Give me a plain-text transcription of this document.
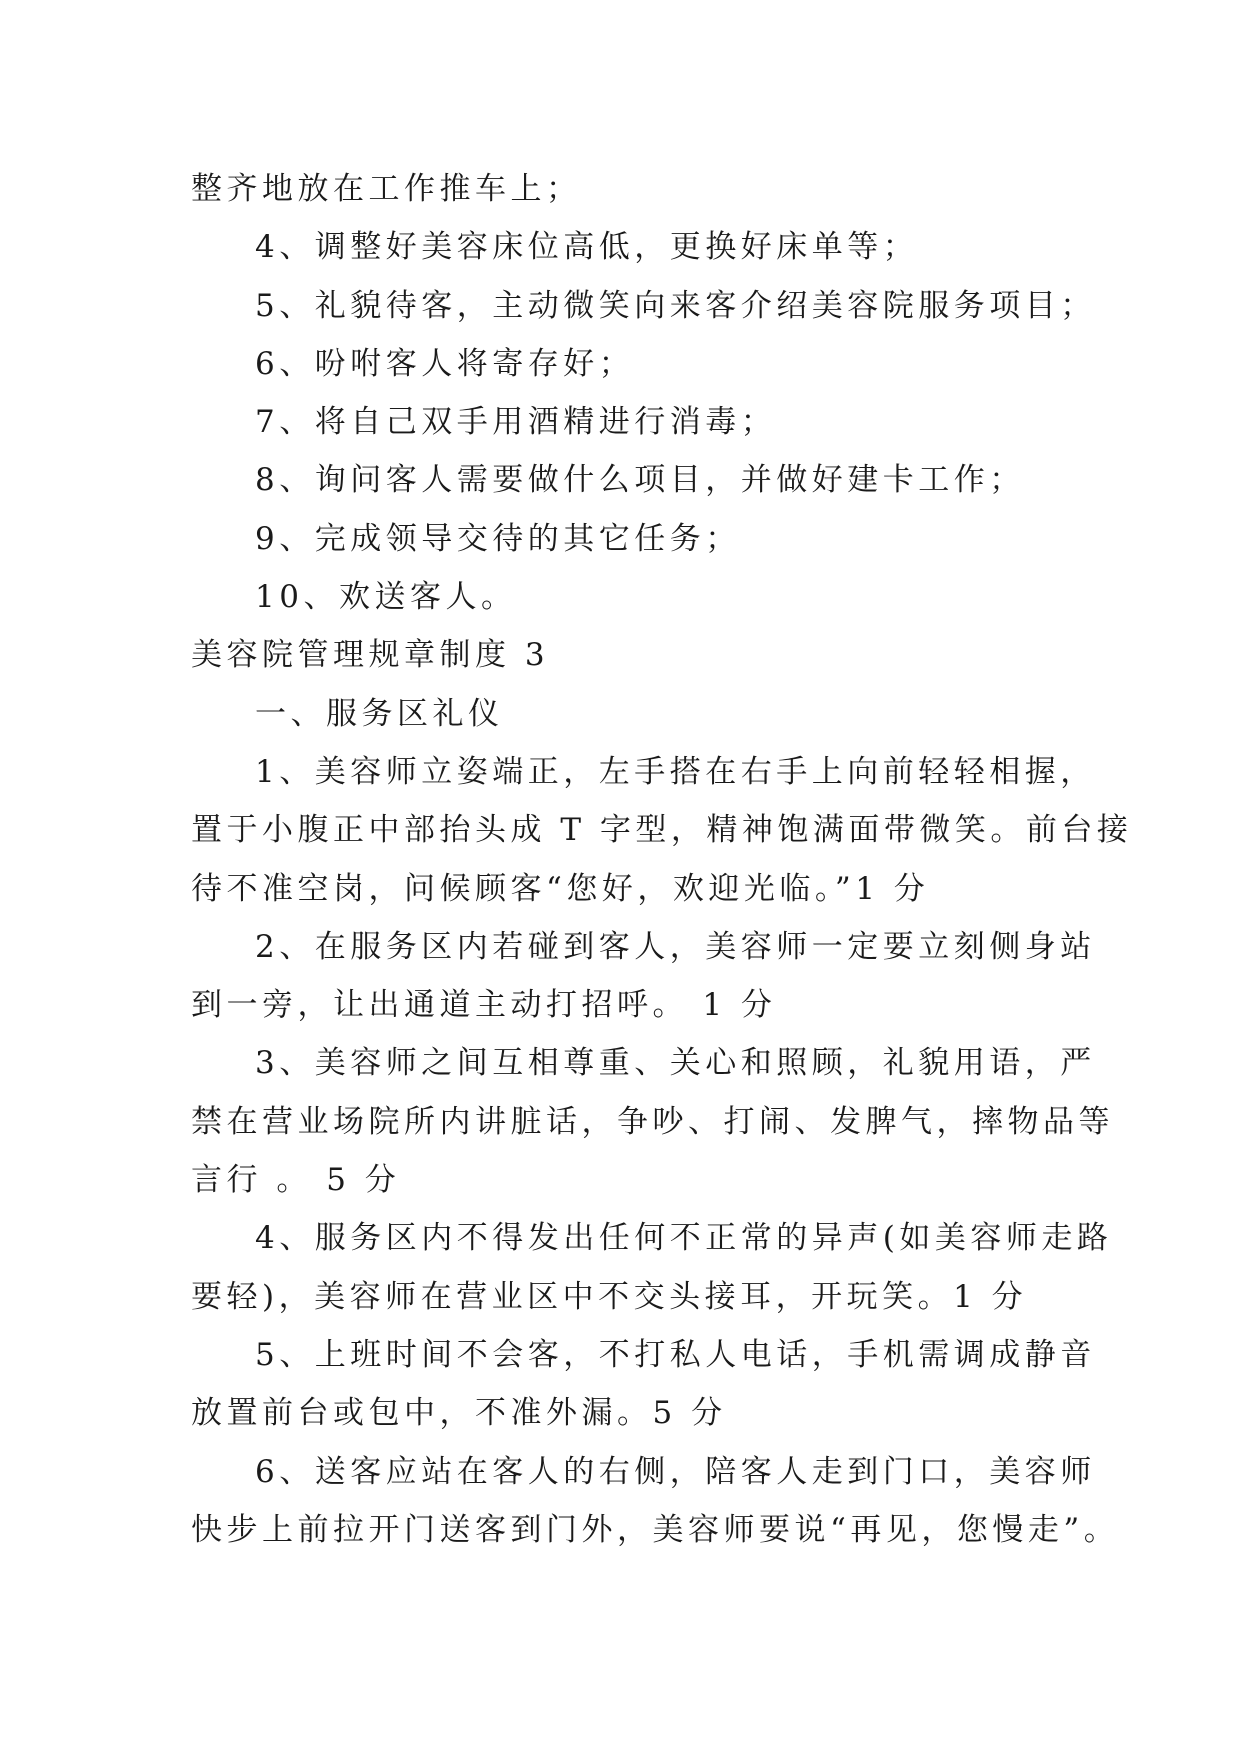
整齐地放在工作推车上；
4、调整好美容床位高低，更换好床单等；
5、礼貌待客，主动微笑向来客介绍美容院服务项目；
6、吩咐客人将寄存好；
7、将自己双手用酒精进行消毒；
8、询问客人需要做什么项目，并做好建卡工作；
9、完成领导交待的其它任务；
10、欢送客人。
美容院管理规章制度 3
一、服务区礼仪
1、美容师立姿端正，左手搭在右手上向前轻轻相握，
置于小腹正中部抬头成 T 字型，精神饱满面带微笑。前台接
待不准空岗，问候顾客“您好，欢迎光临。”1 分
2、在服务区内若碰到客人，美容师一定要立刻侧身站
到一旁，让出通道主动打招呼。 1 分
3、美容师之间互相尊重、关心和照顾，礼貌用语，严
禁在营业场院所内讲脏话，争吵、打闹、发脾气，摔物品等
言行 。 5 分
4、服务区内不得发出任何不正常的异声(如美容师走路
要轻)，美容师在营业区中不交头接耳，开玩笑。1 分
5、上班时间不会客，不打私人电话，手机需调成静音
放置前台或包中，不准外漏。5 分
6、送客应站在客人的右侧，陪客人走到门口，美容师
快步上前拉开门送客到门外，美容师要说“再见，您慢走”。
